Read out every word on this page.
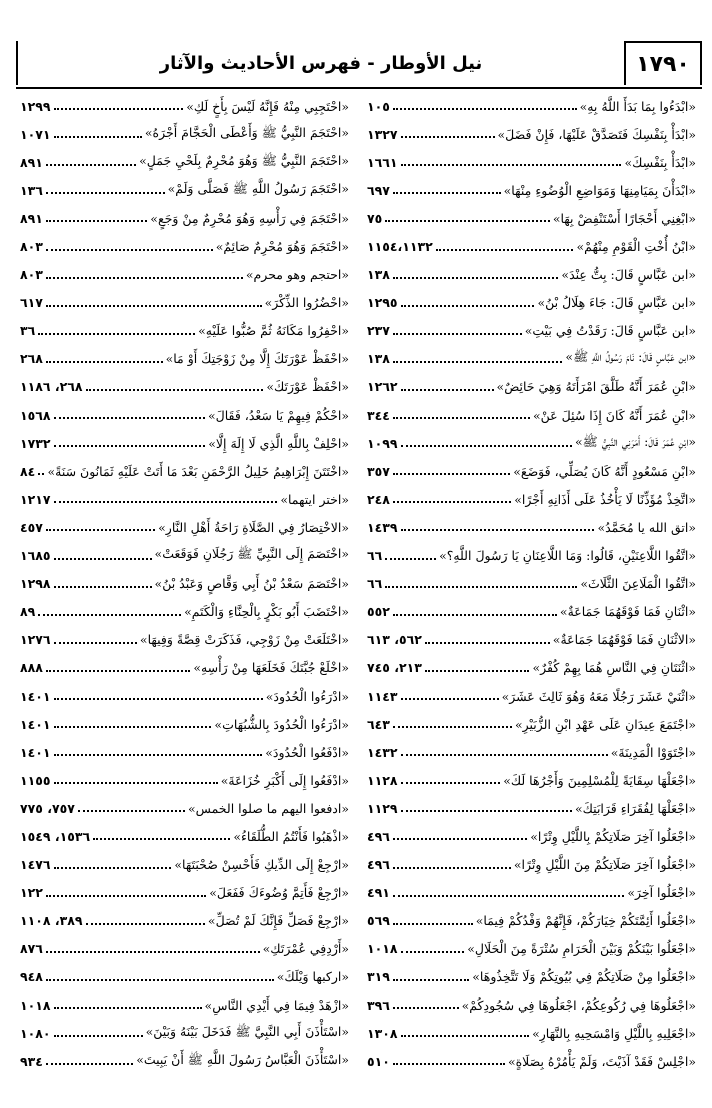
١٧٩٠
نيل الأوطار - فهرس الأحاديث والآثار
«ابْدَءُوا بِمَا بَدَأَ اللَّهُ بِهِ»
١٠٥
«ابْدَأْ بِنَفْسِكَ فَتَصَدَّقْ عَلَيْهَا، فَإِنْ فَضَلَ»
١٣٢٧
«ابْدَأْ بِنَفْسِكَ»
١٦٦١
«ابْدَأْنَ بِمَيَامِنِهَا وَمَوَاضِعِ الْوُضُوءِ مِنْهَا»
٦٩٧
«ابْغِنِي أَحْجَارًا أَسْتَنْفِضْ بِهَا»
٧٥
«ابْنُ أُخْتِ الْقَوْمِ مِنْهُمْ»
١١٥٤،١١٣٢
«ابن عَبَّاسٍ قَالَ: بِتُّ عِنْدَ»
١٣٨
«ابن عَبَّاسٍ قَالَ: جَاءَ هِلَالُ بْنُ»
١٢٩٥
«ابن عَبَّاسٍ قَالَ: رَقَدْتُ فِي بَيْتِ»
٢٣٧
«ابن عَبَّاسٍ قَالَ: نَامَ رَسُولُ اللَّهِ ﷺ»
١٣٨
«ابْنِ عُمَرَ أَنَّهُ طَلَّقَ امْرَأَتَهُ وَهِيَ حَائِضٌ»
١٢٦٢
«ابْنِ عُمَرَ أَنَّهُ كَانَ إِذَا سُئِلَ عَنْ»
٣٤٤
«ابْنِ عُمَرَ قَالَ: أَمَرَنِي النَّبِيُّ ﷺ»
١٠٩٩
«ابْنِ مَسْعُودٍ أَنَّهُ كَانَ يُصَلِّي، فَوَضَعَ»
٣٥٧
«اتَّخِذْ مُؤَذِّنًا لَا يَأْخُذُ عَلَى أَذَانِهِ أَجْرًا»
٢٤٨
«اتق الله يا مُحَمَّدُ»
١٤٣٩
«اتَّقُوا اللَّاعِنَيْنِ، قَالُوا: وَمَا اللَّاعِنَانِ يَا رَسُولَ اللَّهِ؟»
٦٦
«اتَّقُوا الْمَلَاعِنَ الثَّلَاثَ»
٦٦
«اثْنَانِ فَمَا فَوْقَهُمَا جَمَاعَةٌ»
٥٥٢
«الاثْنَانِ فَمَا فَوْقَهُمَا جَمَاعَةٌ»
٥٦٢، ٦١٣
«اثْنَتَانِ فِي النَّاسِ هُمَا بِهِمْ كُفْرٌ»
٢١٣، ٧٤٥
«اثْنَيْ عَشَرَ رَجُلًا مَعَهُ وَهُوَ ثَالِثَ عَشَرَ»
١١٤٣
«اجْتَمَعَ عِيدَانِ عَلَى عَهْدِ ابْنِ الزُّبَيْرِ»
٦٤٣
«اجْتَوَوْا الْمَدِينَةَ»
١٤٣٢
«اجْعَلْهَا سِقَايَةً لِلْمُسْلِمِينَ وَأَجْرُهَا لَكَ»
١١٢٨
«اجْعَلْهَا لِفُقَرَاءِ قَرَابَتِكَ»
١١٢٩
«اجْعَلُوا آخِرَ صَلَاتِكُمْ بِاللَّيْلِ وِتْرًا»
٤٩٦
«اجْعَلُوا آخِرَ صَلَاتِكُمْ مِنَ اللَّيْلِ وِتْرًا»
٤٩٦
«اجْعَلُوا آخِرَ»
٤٩١
«اجْعَلُوا أَئِمَّتَكُمْ خِيَارَكُمْ، فَإِنَّهُمْ وَفْدُكُمْ فِيمَا»
٥٦٩
«اجْعَلُوا بَيْنَكُمْ وَبَيْنَ الْحَرَامِ سُتْرَةً مِنَ الْحَلَالِ»
١٠١٨
«اجْعَلُوا مِنْ صَلَاتِكُمْ فِي بُيُوتِكُمْ وَلَا تَتَّخِذُوهَا»
٣١٩
«اجْعَلُوهَا فِي رُكُوعِكُمْ، اجْعَلُوهَا فِي سُجُودِكُمْ»
٣٩٦
«اجْعَلِيهِ بِاللَّيْلِ وَامْسَحِيهِ بِالنَّهَارِ»
١٣٠٨
«اجْلِسْ فَقَدْ آذَيْتَ، وَلَمْ يَأْمُرْهُ بِصَلَاةٍ»
٥١٠
«احْتَجِبِي مِنْهُ فَإِنَّهُ لَيْسَ بِأَخٍ لَكِ»
١٢٩٩
«احْتَجَمَ النَّبِيُّ ﷺ وَأَعْطَى الْحَجَّامَ أَجْرَهُ»
١٠٧١
«احْتَجَمَ النَّبِيُّ ﷺ وَهُوَ مُحْرِمٌ بِلَحْيِ جَمَلٍ»
٨٩١
«احْتَجَمَ رَسُولُ اللَّهِ ﷺ فَصَلَّى وَلَمْ»
١٣٦
«احْتَجَمَ فِي رَأْسِهِ وَهُوَ مُحْرِمٌ مِنْ وَجَعٍ»
٨٩١
«احْتَجَمَ وَهُوَ مُحْرِمٌ صَائِمٌ»
٨٠٣
«احتجم وهو محرم»
٨٠٣
«احْضُرُوا الذِّكْرَ»
٦١٧
«احْفِرُوا مَكَانَهُ ثُمَّ صُبُّوا عَلَيْهِ»
٣٦
«احْفَظْ عَوْرَتَكَ إِلَّا مِنْ زَوْجَتِكَ أَوْ مَا»
٢٦٨
«احْفَظْ عَوْرَتَكَ»
٢٦٨، ١١٨٦
«احْكُمْ فِيهِمْ يَا سَعْدُ، فَقَالَ»
١٥٦٨
«احْلِفْ بِاللَّهِ الَّذِي لَا إِلَهَ إِلَّا»
١٧٣٢
«اخْتَتَنَ إِبْرَاهِيمُ خَلِيلُ الرَّحْمَنِ بَعْدَ مَا أَتَتْ عَلَيْهِ ثَمَانُونَ سَنَةً»
٨٤
«اختر ايتهما»
١٢١٧
«الاخْتِصَارُ فِي الصَّلَاةِ رَاحَةُ أَهْلِ النَّارِ»
٤٥٧
«اخْتَصَمَ إِلَى النَّبِيِّ ﷺ رَجُلَانِ فَوَقَعَتْ»
١٦٨٥
«اخْتَصَمَ سَعْدُ بْنُ أَبِي وَقَّاصٍ وَعَبْدُ بْنُ»
١٢٩٨
«اخْتَضَبَ أَبُو بَكْرٍ بِالْحِنَّاءِ وَالْكَتَمِ»
٨٩
«اخْتَلَعَتْ مِنْ زَوْجِي، فَذَكَرَتْ قِصَّةً وَفِيهَا»
١٢٧٦
«اخْلَعْ جُبَّتَكَ فَخَلَعَهَا مِنْ رَأْسِهِ»
٨٨٨
«ادْرَءُوا الْحُدُودَ»
١٤٠١
«ادْرَءُوا الْحُدُودَ بِالشُّبُهَاتِ»
١٤٠١
«ادْفَعُوا الْحُدُودَ»
١٤٠١
«ادْفَعُوا إِلَى أَكْبَرِ خُزَاعَةَ»
١١٥٥
«ادفعوا اليهم ما صلوا الخمس»
٧٥٧، ٧٧٥
«اذْهَبُوا فَأَنْتُمُ الطُّلَقَاءُ»
١٥٣٦، ١٥٤٩
«ارْجِعْ إِلَى الدِّيكِ فَأَحْسِنْ صُحْبَتَهَا»
١٤٧٦
«ارْجِعْ فَأَتِمَّ وُضُوءَكَ فَفَعَلَ»
١٢٢
«ارْجِعْ فَصَلِّ فَإِنَّكَ لَمْ تُصَلِّ»
٣٨٩، ١١٠٨
«أَرْدِفِي عُمْرَتَكِ»
٨٧٦
«اركبها وَيْلَكَ»
٩٤٨
«ازْهَدْ فِيمَا فِي أَيْدِي النَّاسِ»
١٠١٨
«اسْتَأْذَنَ أَبِي النَّبِيَّ ﷺ فَدَخَلَ بَيْنَهُ وَبَيْنَ»
١٠٨٠
«اسْتَأْذَنَ الْعَبَّاسُ رَسُولَ اللَّهِ ﷺ أَنْ يَبِيتَ»
٩٣٤
